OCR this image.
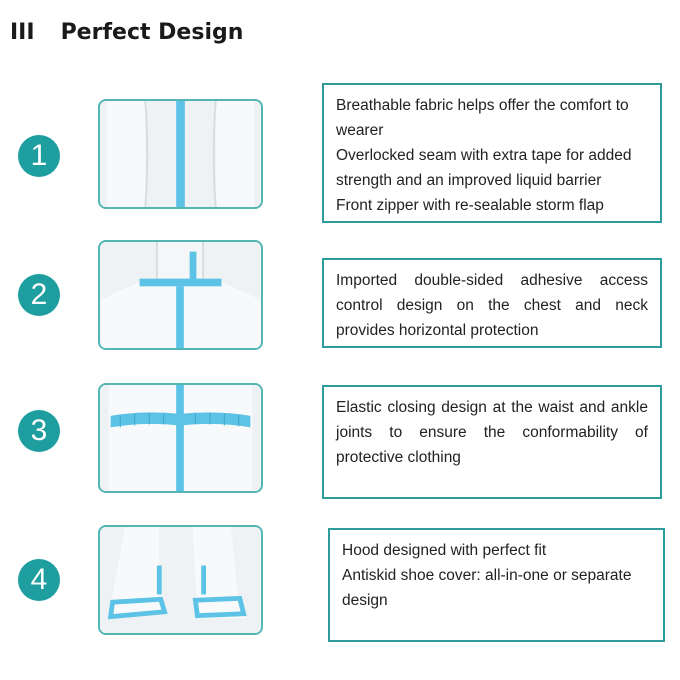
III Perfect Design
1
Breathable fabric helps offer the comfort to
wearer
Overlocked seam with extra tape for added
strength and an improved liquid barrier
Front zipper with re-sealable storm flap
2	Imported double-sided adhesive access control design on the chest and neck provides horizontal protection
3
Elastic closing design at the waist and ankle joints to ensure the conformability of protective clothing
4
Hood designed with perfect fit
Antiskid shoe cover: all-in-one or separate
design
